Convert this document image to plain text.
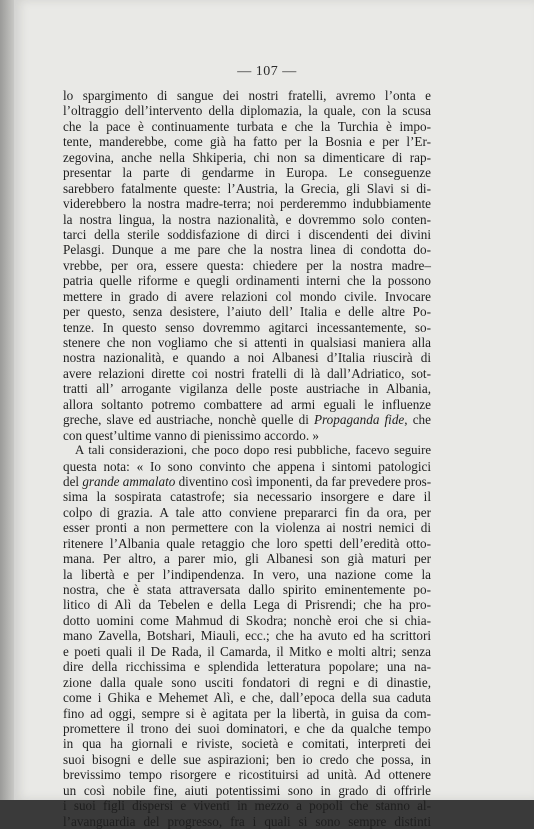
— 107 —
lo spargimento di sangue dei nostri fratelli, avremo l’onta e
l’oltraggio dell’intervento della diplomazia, la quale, con la scusa
che la pace è continuamente turbata e che la Turchia è impo-
tente, manderebbe, come già ha fatto per la Bosnia e per l’Er-
zegovina, anche nella Shkiperia, chi non sa dimenticare di rap-
presentar la parte di gendarme in Europa. Le conseguenze
sarebbero fatalmente queste: l’Austria, la Grecia, gli Slavi si di-
viderebbero la nostra madre-terra; noi perderemmo indubbiamente
la nostra lingua, la nostra nazionalità, e dovremmo solo conten-
tarci della sterile soddisfazione di dirci i discendenti dei divini
Pelasgi. Dunque a me pare che la nostra linea di condotta do-
vrebbe, per ora, essere questa: chiedere per la nostra madre–
patria quelle riforme e quegli ordinamenti interni che la possono
mettere in grado di avere relazioni col mondo civile. Invocare
per questo, senza desistere, l’aiuto dell’ Italia e delle altre Po-
tenze. In questo senso dovremmo agitarci incessantemente, so-
stenere che non vogliamo che si attenti in qualsiasi maniera alla
nostra nazionalità, e quando a noi Albanesi d’Italia riuscirà di
avere relazioni dirette coi nostri fratelli di là dall’Adriatico, sot-
tratti all’ arrogante vigilanza delle poste austriache in Albania,
allora soltanto potremo combattere ad armi eguali le influenze
greche, slave ed austriache, nonchè quelle di Propaganda fide, che
con quest’ultime vanno di pienissimo accordo. »
A tali considerazioni, che poco dopo resi pubbliche, facevo seguire
questa nota: « Io sono convinto che appena i sintomi patologici
del grande ammalato diventino così imponenti, da far prevedere pros-
sima la sospirata catastrofe; sia necessario insorgere e dare il
colpo di grazia. A tale atto conviene prepararci fin da ora, per
esser pronti a non permettere con la violenza ai nostri nemici di
ritenere l’Albania quale retaggio che loro spetti dell’eredità otto-
mana. Per altro, a parer mio, gli Albanesi son già maturi per
la libertà e per l’indipendenza. In vero, una nazione come la
nostra, che è stata attraversata dallo spirito eminentemente po-
litico di Alì da Tebelen e della Lega di Prisrendi; che ha pro-
dotto uomini come Mahmud di Skodra; nonchè eroi che si chia-
mano Zavella, Botshari, Miauli, ecc.; che ha avuto ed ha scrittori
e poeti quali il De Rada, il Camarda, il Mitko e molti altri; senza
dire della ricchissima e splendida letteratura popolare; una na-
zione dalla quale sono usciti fondatori di regni e di dinastie,
come i Ghika e Mehemet Alì, e che, dall’epoca della sua caduta
fino ad oggi, sempre si è agitata per la libertà, in guisa da com-
promettere il trono dei suoi dominatori, e che da qualche tempo
in qua ha giornali e riviste, società e comitati, interpreti dei
suoi bisogni e delle sue aspirazioni; ben io credo che possa, in
brevissimo tempo risorgere e ricostituirsi ad unità. Ad ottenere
un così nobile fine, aiuti potentissimi sono in grado di offrirle
i suoi figli dispersi e viventi in mezzo a popoli che stanno al-
l’avanguardia del progresso, fra i quali si sono sempre distinti
